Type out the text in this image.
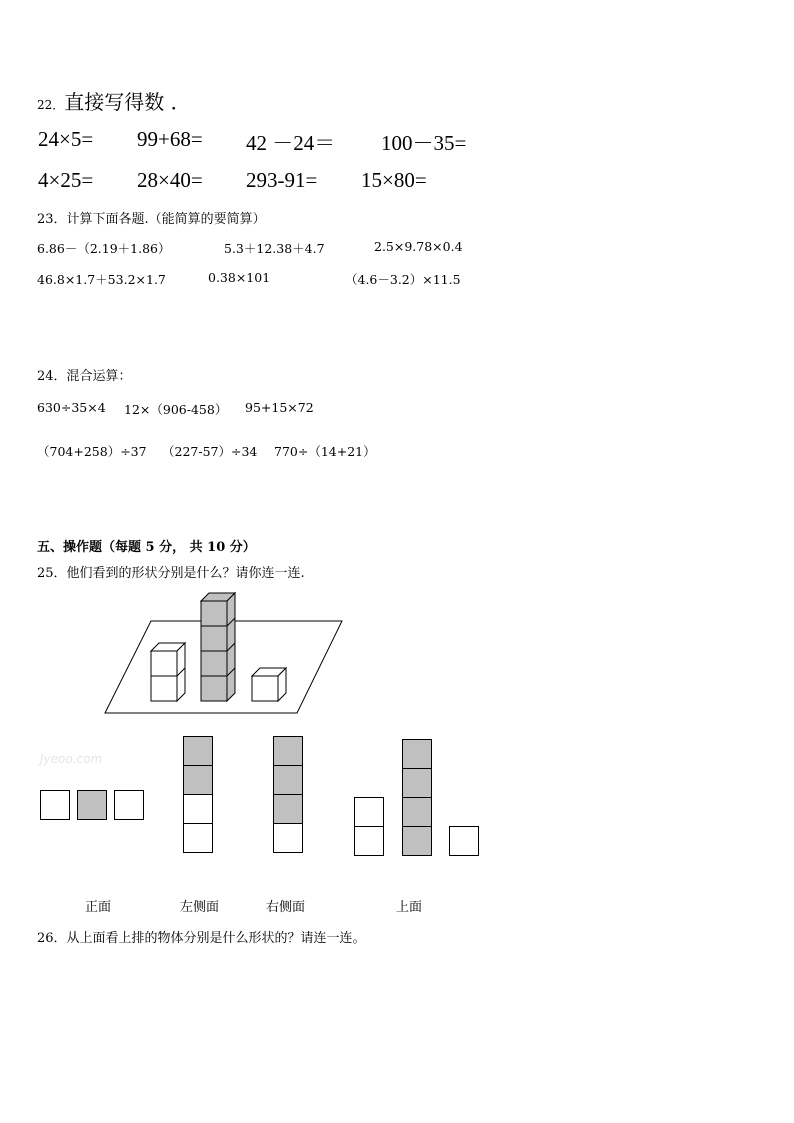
22．直接写得数 ．
24×5= 99+68= 42 －24＝ 100－35=
4×25= 28×40= 293-91= 15×80=
23．计算下面各题.（能简算的要简算）
6.86－（2.19＋1.86）	5.3＋12.38＋4.7	2.5×9.78×0.4
46.8×1.7＋53.2×1.7	0.38×101	（4.6－3.2）×11.5
24．混合运算：
630÷35×4 12×（906-458） 95+15×72
（704+258）÷37 （227-57）÷34 770÷（14+21）
五、操作题（每题 5 分， 共 10 分）
25．他们看到的形状分别是什么？请你连一连.
Jyeoo.com
正面	左侧面	右侧面	上面
26．从上面看上排的物体分别是什么形状的？请连一连。
